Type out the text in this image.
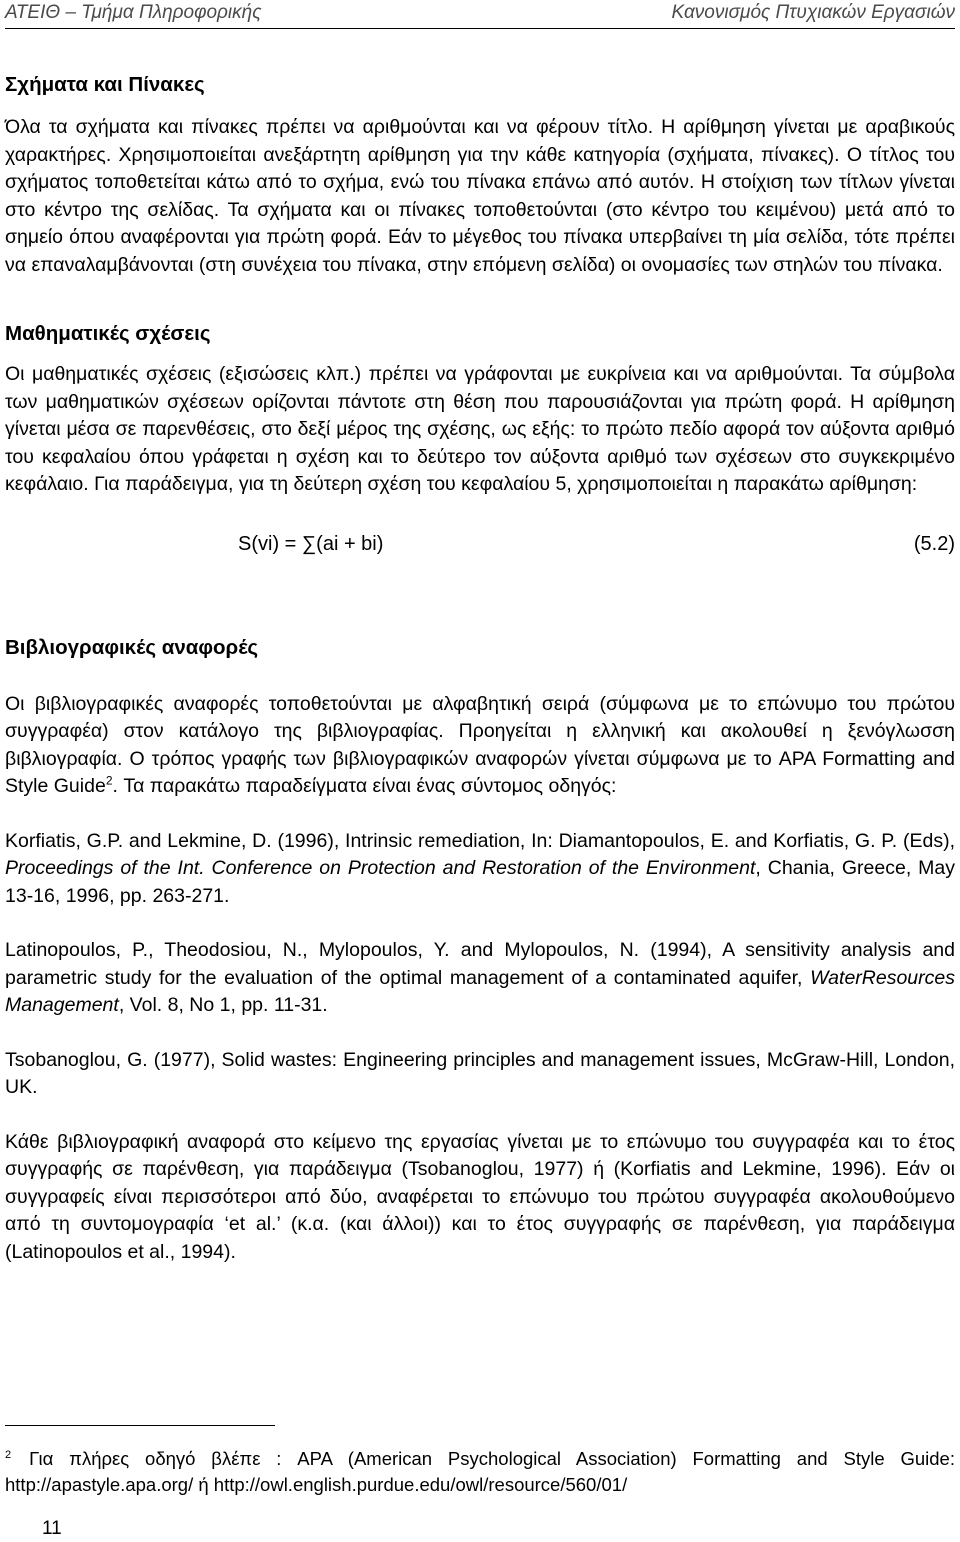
ΑΤΕΙΘ – Τμήμα Πληροφορικής	Κανονισμός Πτυχιακών Εργασιών
Σχήματα και Πίνακες

Όλα τα σχήματα και πίνακες πρέπει να αριθμούνται και να φέρουν τίτλο. Η αρίθμηση γίνεται με αραβικούς χαρακτήρες. Χρησιμοποιείται ανεξάρτητη αρίθμηση για την κάθε κατηγορία (σχήματα, πίνακες). Ο τίτλος του σχήματος τοποθετείται κάτω από το σχήμα, ενώ του πίνακα επάνω από αυτόν. Η στοίχιση των τίτλων γίνεται στο κέντρο της σελίδας. Τα σχήματα και οι πίνακες τοποθετούνται (στο κέντρο του κειμένου) μετά από το σημείο όπου αναφέρονται για πρώτη φορά. Εάν το μέγεθος του πίνακα υπερβαίνει τη μία σελίδα, τότε πρέπει να επαναλαμβάνονται (στη συνέχεια του πίνακα, στην επόμενη σελίδα) οι ονομασίες των στηλών του πίνακα.

Μαθηματικές σχέσεις

Οι μαθηματικές σχέσεις (εξισώσεις κλπ.) πρέπει να γράφονται με ευκρίνεια και να αριθμούνται. Τα σύμβολα των μαθηματικών σχέσεων ορίζονται πάντοτε στη θέση που παρουσιάζονται για πρώτη φορά. Η αρίθμηση γίνεται μέσα σε παρενθέσεις, στο δεξί μέρος της σχέσης, ως εξής: το πρώτο πεδίο αφορά τον αύξοντα αριθμό του κεφαλαίου όπου γράφεται η σχέση και το δεύτερο τον αύξοντα αριθμό των σχέσεων στο συγκεκριμένο κεφάλαιο. Για παράδειγμα, για τη δεύτερη σχέση του κεφαλαίου 5, χρησιμοποιείται η παρακάτω αρίθμηση:

S(vi) = ∑(ai + bi)	(5.2)
Βιβλιογραφικές αναφορές

Οι βιβλιογραφικές αναφορές τοποθετούνται με αλφαβητική σειρά (σύμφωνα με το επώνυμο του πρώτου συγγραφέα) στον κατάλογο της βιβλιογραφίας. Προηγείται η ελληνική και ακολουθεί η ξενόγλωσση βιβλιογραφία. Ο τρόπος γραφής των βιβλιογραφικών αναφορών γίνεται σύμφωνα με το APA Formatting and Style Guide$^2$. Τα παρακάτω παραδείγματα είναι ένας σύντομος οδηγός:

Korfiatis, G.P. and Lekmine, D. (1996), Intrinsic remediation, In: Diamantopoulos, E. and Korfiatis, G. P. (Eds), Proceedings of the Int. Conference on Protection and Restoration of the Environment, Chania, Greece, May 13-16, 1996, pp. 263-271.

Latinopoulos, P., Theodosiou, N., Mylopoulos, Y. and Mylopoulos, N. (1994), A sensitivity analysis and parametric study for the evaluation of the optimal management of a contaminated aquifer, WaterResources Management, Vol. 8, No 1, pp. 11-31.

Tsobanoglou, G. (1977), Solid wastes: Engineering principles and management issues, McGraw-Hill, London, UK.

Κάθε βιβλιογραφική αναφορά στο κείμενο της εργασίας γίνεται με το επώνυμο του συγγραφέα και το έτος συγγραφής σε παρένθεση, για παράδειγμα (Tsobanoglou, 1977) ή (Korfiatis and Lekmine, 1996). Εάν οι συγγραφείς είναι περισσότεροι από δύο, αναφέρεται το επώνυμο του πρώτου συγγραφέα ακολουθούμενο από τη συντομογραφία ‘et al.’ (κ.α. (και άλλοι)) και το έτος συγγραφής σε παρένθεση, για παράδειγμα (Latinopoulos et al., 1994).

$^2$ Για πλήρες οδηγό βλέπε : APA (American Psychological Association) Formatting and Style Guide: http://apastyle.apa.org/ ή http://owl.english.purdue.edu/owl/resource/560/01/
11
